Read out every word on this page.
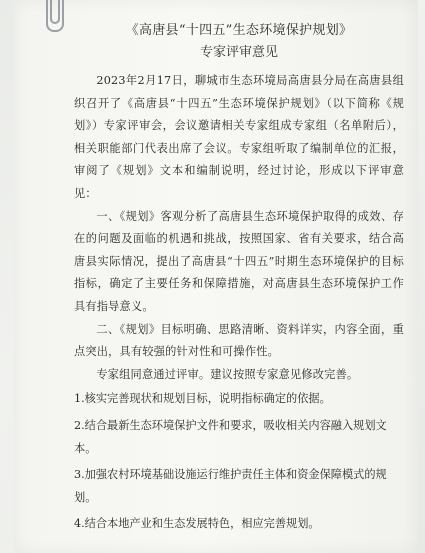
《高唐县“十四五”生态环境保护规划》

专家评审意见

2023年2月17日，聊城市生态环境局高唐县分局在高唐县组织召开了《高唐县“十四五”生态环境保护规划》（以下简称《规划》）专家评审会，会议邀请相关专家组成专家组（名单附后），相关职能部门代表出席了会议。专家组听取了编制单位的汇报，审阅了《规划》文本和编制说明，经过讨论，形成以下评审意见：

一、《规划》客观分析了高唐县生态环境保护取得的成效、存在的问题及面临的机遇和挑战，按照国家、省有关要求，结合高唐县实际情况，提出了高唐县“十四五”时期生态环境保护的目标指标，确定了主要任务和保障措施，对高唐县生态环境保护工作具有指导意义。

二、《规划》目标明确、思路清晰、资料详实，内容全面，重点突出，具有较强的针对性和可操作性。

专家组同意通过评审。建议按照专家意见修改完善。

1.核实完善现状和规划目标，说明指标确定的依据。

2.结合最新生态环境保护文件和要求，吸收相关内容融入规划文本。

3.加强农村环境基础设施运行维护责任主体和资金保障模式的规划。

4.结合本地产业和生态发展特色，相应完善规划。
